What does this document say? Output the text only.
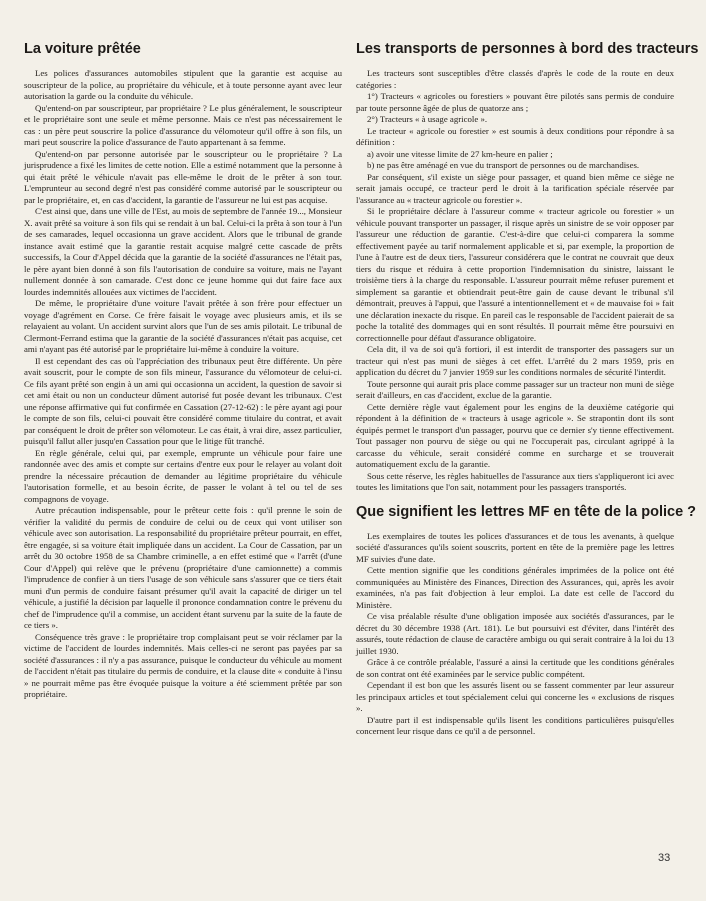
La voiture prêtée

Les polices d'assurances automobiles stipulent que la garantie est acquise au souscripteur de la police, au propriétaire du véhicule, et à toute personne ayant avec leur autorisation la garde ou la conduite du véhicule.

Qu'entend-on par souscripteur, par propriétaire ? Le plus généralement, le souscripteur et le propriétaire sont une seule et même personne. Mais ce n'est pas nécessairement le cas : un père peut souscrire la police d'assurance du vélomoteur qu'il offre à son fils, un mari peut souscrire la police d'assurance de l'auto appartenant à sa femme.

Qu'entend-on par personne autorisée par le souscripteur ou le propriétaire ? La jurisprudence a fixé les limites de cette notion. Elle a estimé notamment que la personne à qui était prêté le véhicule n'avait pas elle-même le droit de le prêter à son tour. L'emprunteur au second degré n'est pas considéré comme autorisé par le souscripteur ou par le propriétaire, et, en cas d'accident, la garantie de l'assureur ne lui est pas acquise.

C'est ainsi que, dans une ville de l'Est, au mois de septembre de l'année 19..., Monsieur X. avait prêté sa voiture à son fils qui se rendait à un bal. Celui-ci la prêta à son tour à l'un de ses camarades, lequel occasionna un grave accident. Alors que le tribunal de grande instance avait estimé que la garantie restait acquise malgré cette cascade de prêts successifs, la Cour d'Appel décida que la garantie de la société d'assurances ne l'était pas, le père ayant bien donné à son fils l'autorisation de conduire sa voiture, mais ne l'ayant nullement donnée à son camarade. C'est donc ce jeune homme qui dut faire face aux lourdes indemnités allouées aux victimes de l'accident.

De même, le propriétaire d'une voiture l'avait prêtée à son frère pour effectuer un voyage d'agrément en Corse. Ce frère faisait le voyage avec plusieurs amis, et ils se relayaient au volant. Un accident survint alors que l'un de ses amis pilotait. Le tribunal de Clermont-Ferrand estima que la garantie de la société d'assurances n'était pas acquise, cet ami n'ayant pas été autorisé par le propriétaire lui-même à conduire la voiture.

Il est cependant des cas où l'appréciation des tribunaux peut être différente. Un père avait souscrit, pour le compte de son fils mineur, l'assurance du vélomoteur de celui-ci. Ce fils ayant prêté son engin à un ami qui occasionna un accident, la question de savoir si cet ami était ou non un conducteur dûment autorisé fut posée devant les tribunaux. C'est une réponse affirmative qui fut confirmée en Cassation (27-12-62) : le père ayant agi pour le compte de son fils, celui-ci pouvait être considéré comme titulaire du contrat, et avait par conséquent le droit de prêter son vélomoteur. Le cas était, à vrai dire, assez particulier, puisqu'il fallut aller jusqu'en Cassation pour que le litige fût tranché.

En règle générale, celui qui, par exemple, emprunte un véhicule pour faire une randonnée avec des amis et compte sur certains d'entre eux pour le relayer au volant doit prendre la nécessaire précaution de demander au légitime propriétaire du véhicule l'autorisation formelle, et au besoin écrite, de passer le volant à tel ou tel de ses compagnons de voyage.

Autre précaution indispensable, pour le prêteur cette fois : qu'il prenne le soin de vérifier la validité du permis de conduire de celui ou de ceux qui vont utiliser son véhicule avec son autorisation. La responsabilité du propriétaire prêteur pourrait, en effet, être engagée, si sa voiture était impliquée dans un accident. La Cour de Cassation, par un arrêt du 30 octobre 1958 de sa Chambre criminelle, a en effet estimé que « l'arrêt (d'une Cour d'Appel) qui relève que le prévenu (propriétaire d'une camionnette) a commis l'imprudence de confier à un tiers l'usage de son véhicule sans s'assurer que ce tiers était muni d'un permis de conduire faisant présumer qu'il avait la capacité de diriger un tel véhicule, a justifié la décision par laquelle il prononce condamnation contre le prévenu du chef de l'imprudence qu'il a commise, un accident étant survenu par la suite de la faute de ce tiers ».

Conséquence très grave : le propriétaire trop complaisant peut se voir réclamer par la victime de l'accident de lourdes indemnités. Mais celles-ci ne seront pas payées par sa société d'assurances : il n'y a pas assurance, puisque le conducteur du véhicule au moment de l'accident n'était pas titulaire du permis de conduire, et la clause dite « conduite à l'insu » ne pourrait même pas être évoquée puisque la voiture a été sciemment prêtée par son propriétaire.

Les transports de personnes à bord des tracteurs

Les tracteurs sont susceptibles d'être classés d'après le code de la route en deux catégories :

1°) Tracteurs « agricoles ou forestiers » pouvant être pilotés sans permis de conduire par toute personne âgée de plus de quatorze ans ;

2°) Tracteurs « à usage agricole ».

Le tracteur « agricole ou forestier » est soumis à deux conditions pour répondre à sa définition :

a) avoir une vitesse limite de 27 km-heure en palier ;

b) ne pas être aménagé en vue du transport de personnes ou de marchandises.

Par conséquent, s'il existe un siège pour passager, et quand bien même ce siège ne serait jamais occupé, ce tracteur perd le droit à la tarification spéciale réservée par l'assurance au « tracteur agricole ou forestier ».

Si le propriétaire déclare à l'assureur comme « tracteur agricole ou forestier » un véhicule pouvant transporter un passager, il risque après un sinistre de se voir opposer par l'assureur une réduction de garantie. C'est-à-dire que celui-ci comparera la somme effectivement payée au tarif normalement applicable et si, par exemple, la proportion de l'une à l'autre est de deux tiers, l'assureur considérera que le contrat ne couvrait que deux tiers du risque et réduira à cette proportion l'indemnisation du sinistre, laissant le troisième tiers à la charge du responsable. L'assureur pourrait même refuser purement et simplement sa garantie et obtiendrait peut-être gain de cause devant le tribunal s'il démontrait, preuves à l'appui, que l'assuré a intentionnellement et « de mauvaise foi » fait une déclaration inexacte du risque. En pareil cas le responsable de l'accident paierait de sa poche la totalité des dommages qui en sont résultés. Il pourrait même être poursuivi en correctionnelle pour défaut d'assurance obligatoire.

Cela dit, il va de soi qu'à fortiori, il est interdit de transporter des passagers sur un tracteur qui n'est pas muni de sièges à cet effet. L'arrêté du 2 mars 1959, pris en application du décret du 7 janvier 1959 sur les conditions normales de sécurité l'interdit.

Toute personne qui aurait pris place comme passager sur un tracteur non muni de siège serait d'ailleurs, en cas d'accident, exclue de la garantie.

Cette dernière règle vaut également pour les engins de la deuxième catégorie qui répondent à la définition de « tracteurs à usage agricole ». Se strapontin dont ils sont équipés permet le transport d'un passager, pourvu que ce dernier s'y tienne effectivement. Tout passager non pourvu de siège ou qui ne l'occuperait pas, circulant agrippé à la carcasse du véhicule, serait considéré comme en surcharge et se trouverait automatiquement exclu de la garantie.

Sous cette réserve, les règles habituelles de l'assurance aux tiers s'appliqueront ici avec toutes les limitations que l'on sait, notamment pour les passagers transportés.

Que signifient les lettres MF en tête de la police ?

Les exemplaires de toutes les polices d'assurances et de tous les avenants, à quelque société d'assurances qu'ils soient souscrits, portent en tête de la première page les lettres MF suivies d'une date.

Cette mention signifie que les conditions générales imprimées de la police ont été communiquées au Ministère des Finances, Direction des Assurances, qui, après les avoir examinées, n'a pas fait d'objection à leur emploi. La date est celle de l'accord du Ministère.

Ce visa préalable résulte d'une obligation imposée aux sociétés d'assurances, par le décret du 30 décembre 1938 (Art. 181). Le but poursuivi est d'éviter, dans l'intérêt des assurés, toute rédaction de clause de caractère ambigu ou qui serait contraire à la loi du 13 juillet 1930.

Grâce à ce contrôle préalable, l'assuré a ainsi la certitude que les conditions générales de son contrat ont été examinées par le service public compétent.

Cependant il est bon que les assurés lisent ou se fassent commenter par leur assureur les principaux articles et tout spécialement celui qui concerne les « exclusions de risques ».

D'autre part il est indispensable qu'ils lisent les conditions particulières puisqu'elles concernent leur risque dans ce qu'il a de personnel.

33
